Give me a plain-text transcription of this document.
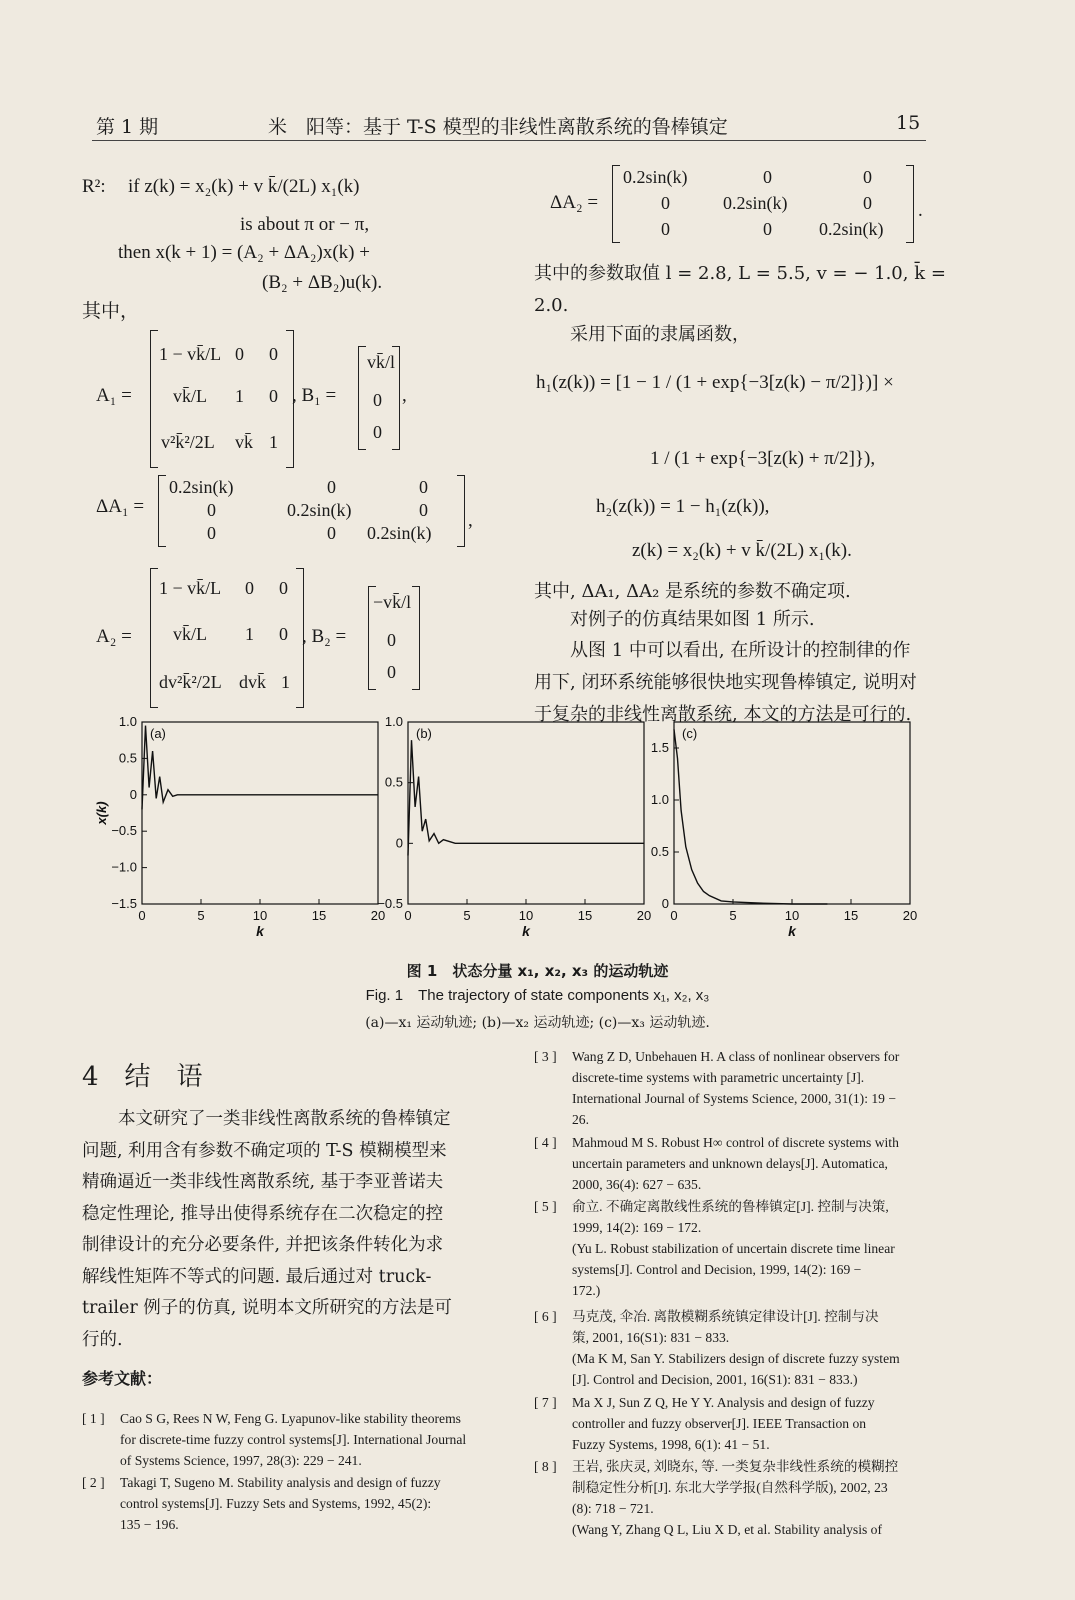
第 1 期	米　阳等：基于 T-S 模型的非线性离散系统的鲁棒镇定	15
R²: if z(k) = x₂(k) + v k̄/(2L) x₁(k)
is about π or − π,
then x(k + 1) = (A₂ + ΔA₂)x(k) +
(B₂ + ΔB₂)u(k).
其中，
A₁ =
1 − vk̄/L 0 0
vk̄/L 1 0
v²k̄²/2L vk̄ 1
, B₁ =
vk̄/l
0
0
,
ΔA₁ =
0.2sin(k)	0	0
0	0.2sin(k)	0
0	0 0.2sin(k)
,
A₂ =
1 − vk̄/L 0 0
vk̄/L 1 0
dv²k̄²/2L dvk̄ 1
, B₂ =
−vk̄/l
0
0
ΔA₂ =
0.2sin(k)	0	0
0	0.2sin(k)	0
0	0	0.2sin(k)
.
其中的参数取值 l = 2.8, L = 5.5, v = − 1.0, k̄ =
2.0.
采用下面的隶属函数，
h₁(z(k)) = [1 − 1 / (1 + exp{−3[z(k) − π/2]})] ×
1 / (1 + exp{−3[z(k) + π/2]}),
h₂(z(k)) = 1 − h₁(z(k)),
z(k) = x₂(k) + v k̄/(2L) x₁(k).
其中, ΔA₁, ΔA₂ 是系统的参数不确定项.
对例子的仿真结果如图 1 所示.
从图 1 中可以看出, 在所设计的控制律的作
用下, 闭环系统能够很快地实现鲁棒镇定, 说明对
于复杂的非线性离散系统, 本文的方法是可行的.
0	5	10	15	20
1.0
0.5
0
−0.5
−1.0
−1.5
(a)
k
x(k)
0	5	10	15	20
1.0
0.5
0
−0.5
(b)
k
0	5	10	15	20
1.5
1.0
0.5
0
(c)
k
图 1　状态分量 x₁, x₂, x₃ 的运动轨迹
Fig. 1　The trajectory of state components x₁, x₂, x₃
(a)—x₁ 运动轨迹; (b)—x₂ 运动轨迹; (c)—x₃ 运动轨迹.
4　结　语
本文研究了一类非线性离散系统的鲁棒镇定
问题, 利用含有参数不确定项的 T-S 模糊模型来
精确逼近一类非线性离散系统, 基于李亚普诺夫
稳定性理论, 推导出使得系统存在二次稳定的控
制律设计的充分必要条件, 并把该条件转化为求
解线性矩阵不等式的问题. 最后通过对 truck-
trailer 例子的仿真, 说明本文所研究的方法是可
行的.
参考文献：
[ 1 ] Cao S G, Rees N W, Feng G. Lyapunov-like stability theorems
for discrete-time fuzzy control systems[J]. International Journal
of Systems Science, 1997, 28(3): 229 − 241.
[ 2 ] Takagi T, Sugeno M. Stability analysis and design of fuzzy
control systems[J]. Fuzzy Sets and Systems, 1992, 45(2):
135 − 196.
[ 3 ] Wang Z D, Unbehauen H. A class of nonlinear observers for
discrete-time systems with parametric uncertainty [J].
International Journal of Systems Science, 2000, 31(1): 19 −
26.
[ 4 ] Mahmoud M S. Robust H∞ control of discrete systems with
uncertain parameters and unknown delays[J]. Automatica,
2000, 36(4): 627 − 635.
[ 5 ] 俞立. 不确定离散线性系统的鲁棒镇定[J]. 控制与决策,
1999, 14(2): 169 − 172.
(Yu L. Robust stabilization of uncertain discrete time linear
systems[J]. Control and Decision, 1999, 14(2): 169 −
172.)
[ 6 ] 马克茂, 伞冶. 离散模糊系统镇定律设计[J]. 控制与决
策, 2001, 16(S1): 831 − 833.
(Ma K M, San Y. Stabilizers design of discrete fuzzy system
[J]. Control and Decision, 2001, 16(S1): 831 − 833.)
[ 7 ] Ma X J, Sun Z Q, He Y Y. Analysis and design of fuzzy
controller and fuzzy observer[J]. IEEE Transaction on
Fuzzy Systems, 1998, 6(1): 41 − 51.
[ 8 ] 王岩, 张庆灵, 刘晓东, 等. 一类复杂非线性系统的模糊控
制稳定性分析[J]. 东北大学学报(自然科学版), 2002, 23
(8): 718 − 721.
(Wang Y, Zhang Q L, Liu X D, et al. Stability analysis of
